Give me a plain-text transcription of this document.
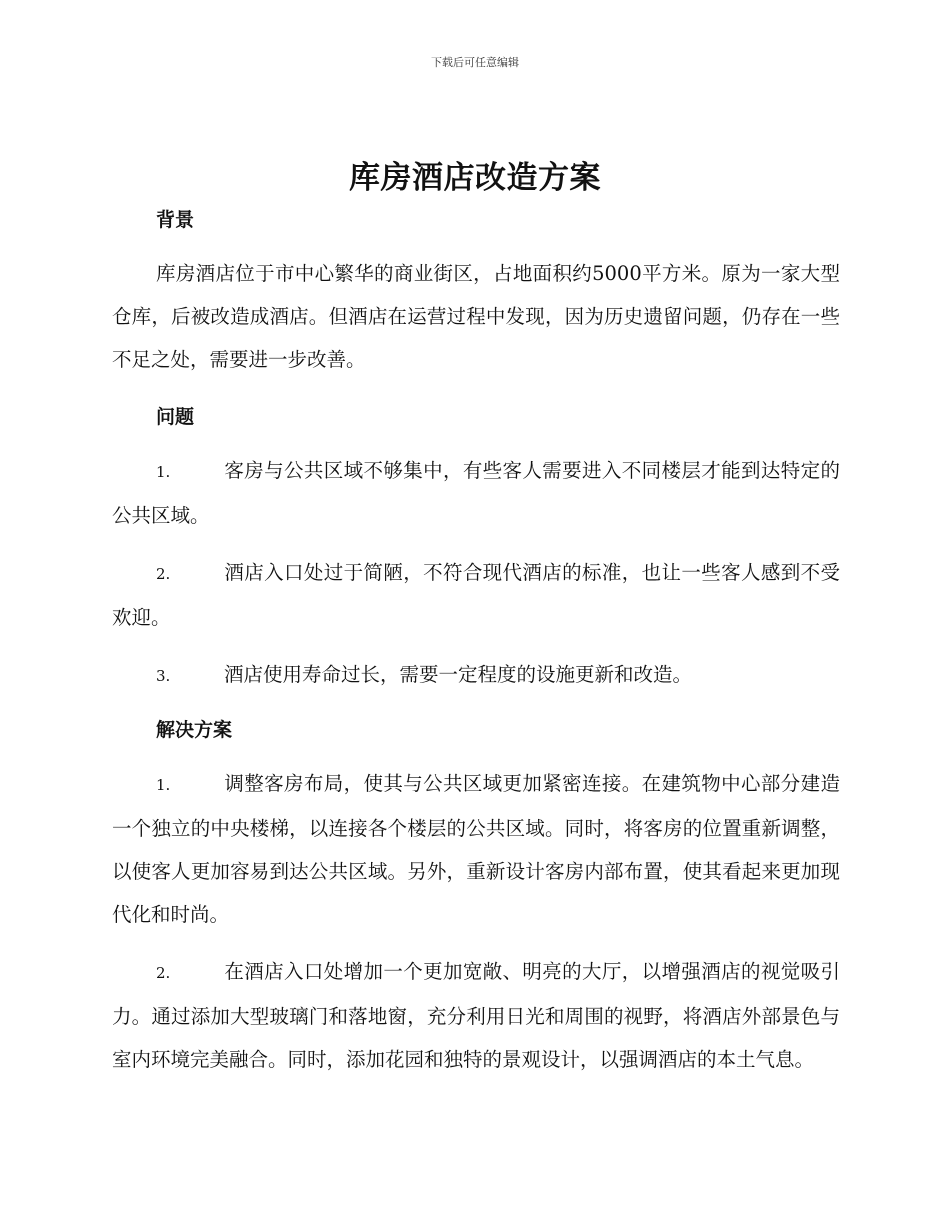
下载后可任意编辑
库房酒店改造方案
背景

库房酒店位于市中心繁华的商业街区，占地面积约5000平方米。原为一家大型仓库，后被改造成酒店。但酒店在运营过程中发现，因为历史遗留问题，仍存在一些不足之处，需要进一步改善。

问题

1.	客房与公共区域不够集中，有些客人需要进入不同楼层才能到达特定的公共区域。

2.	酒店入口处过于简陋，不符合现代酒店的标准，也让一些客人感到不受欢迎。

3.	酒店使用寿命过长，需要一定程度的设施更新和改造。

解决方案

1.	调整客房布局，使其与公共区域更加紧密连接。在建筑物中心部分建造一个独立的中央楼梯，以连接各个楼层的公共区域。同时，将客房的位置重新调整，以使客人更加容易到达公共区域。另外，重新设计客房内部布置，使其看起来更加现代化和时尚。

2.	在酒店入口处增加一个更加宽敞、明亮的大厅，以增强酒店的视觉吸引力。通过添加大型玻璃门和落地窗，充分利用日光和周围的视野，将酒店外部景色与室内环境完美融合。同时，添加花园和独特的景观设计，以强调酒店的本土气息。
